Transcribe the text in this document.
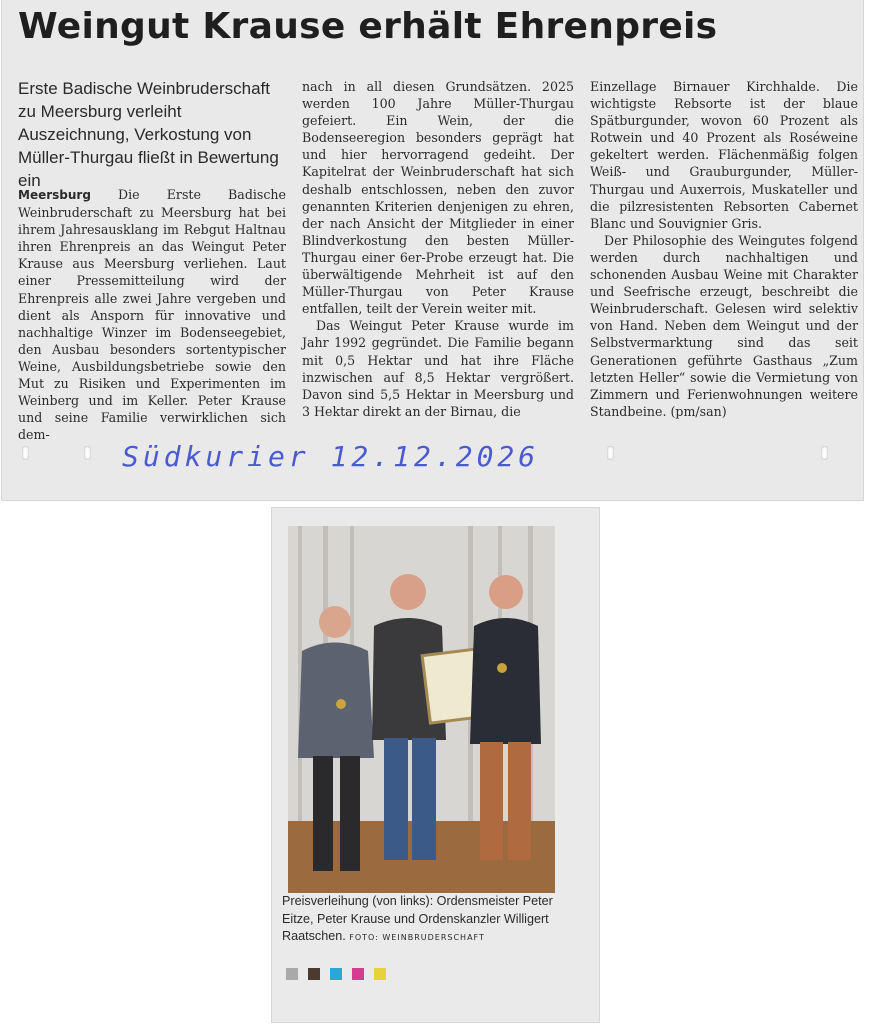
Weingut Krause erhält Ehrenpreis

Erste Badische Weinbruderschaft zu Meersburg verleiht Auszeichnung, Verkostung von Müller-Thurgau fließt in Bewertung ein

Meersburg Die Erste Badische Weinbruderschaft zu Meersburg hat bei ihrem Jahresausklang im Rebgut Haltnau ihren Ehrenpreis an das Weingut Peter Krause aus Meersburg verliehen. Laut einer Pressemitteilung wird der Ehrenpreis alle zwei Jahre vergeben und dient als Ansporn für innovative und nachhaltige Winzer im Bodenseegebiet, den Ausbau besonders sortentypischer Weine, Ausbildungsbetriebe sowie den Mut zu Risiken und Experimenten im Weinberg und im Keller. Peter Krause und seine Familie verwirklichen sich dem-

nach in all diesen Grundsätzen. 2025 werden 100 Jahre Müller-Thurgau gefeiert. Ein Wein, der die Bodenseeregion besonders geprägt hat und hier hervorragend gedeiht. Der Kapitelrat der Weinbruderschaft hat sich deshalb entschlossen, neben den zuvor genannten Kriterien denjenigen zu ehren, der nach Ansicht der Mitglieder in einer Blindverkostung den besten Müller-Thurgau einer 6er-Probe erzeugt hat. Die überwältigende Mehrheit ist auf den Müller-Thurgau von Peter Krause entfallen, teilt der Verein weiter mit.

Das Weingut Peter Krause wurde im Jahr 1992 gegründet. Die Familie begann mit 0,5 Hektar und hat ihre Fläche inzwischen auf 8,5 Hektar vergrößert. Davon sind 5,5 Hektar in Meersburg und 3 Hektar direkt an der Birnau, die

Einzellage Birnauer Kirchhalde. Die wichtigste Rebsorte ist der blaue Spätburgunder, wovon 60 Prozent als Rotwein und 40 Prozent als Roséweine gekeltert werden. Flächenmäßig folgen Weiß- und Grauburgunder, Müller-Thurgau und Auxerrois, Muskateller und die pilzresistenten Rebsorten Cabernet Blanc und Souvignier Gris.

Der Philosophie des Weingutes folgend werden durch nachhaltigen und schonenden Ausbau Weine mit Charakter und Seefrische erzeugt, beschreibt die Weinbruderschaft. Gelesen wird selektiv von Hand. Neben dem Weingut und der Selbstvermarktung sind das seit Generationen geführte Gasthaus „Zum letzten Heller“ sowie die Vermietung von Zimmern und Ferienwohnungen weitere Standbeine. (pm/san)

Südkurier 12.12.2026
Preisverleihung (von links): Ordensmeister Peter Eitze, Peter Krause und Ordenskanzler Willigert Raatschen. FOTO: WEINBRUDERSCHAFT
